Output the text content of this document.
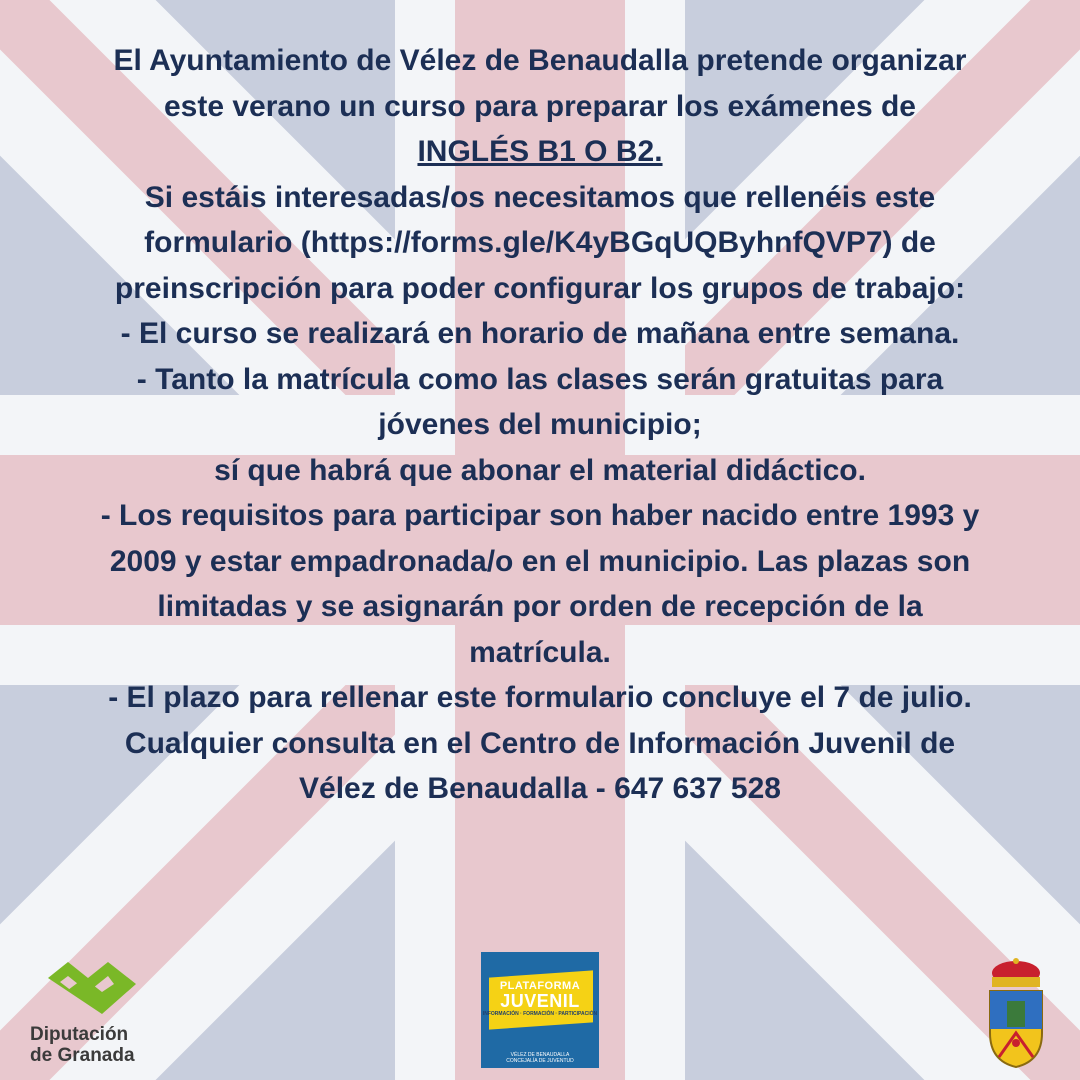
El Ayuntamiento de Vélez de Benaudalla pretende organizar
este verano un curso para preparar los exámenes de
INGLÉS B1 O B2.
Si estáis interesadas/os necesitamos que rellenéis este
formulario (https://forms.gle/K4yBGqUQByhnfQVP7) de
preinscripción para poder configurar los grupos de trabajo:
- El curso se realizará en horario de mañana entre semana.
- Tanto la matrícula como las clases serán gratuitas para
jóvenes del municipio;
sí que habrá que abonar el material didáctico.
- Los requisitos para participar son haber nacido entre 1993 y
2009 y estar empadronada/o en el municipio. Las plazas son
limitadas y se asignarán por orden de recepción de la
matrícula.
- El plazo para rellenar este formulario concluye el 7 de julio.
Cualquier consulta en el Centro de Información Juvenil de
Vélez de Benaudalla - 647 637 528
Diputación
de Granada
PLATAFORMA
JUVENIL
INFORMACIÓN · FORMACIÓN · PARTICIPACIÓN
VÉLEZ DE BENAUDALLA
CONCEJALÍA DE JUVENTUD
